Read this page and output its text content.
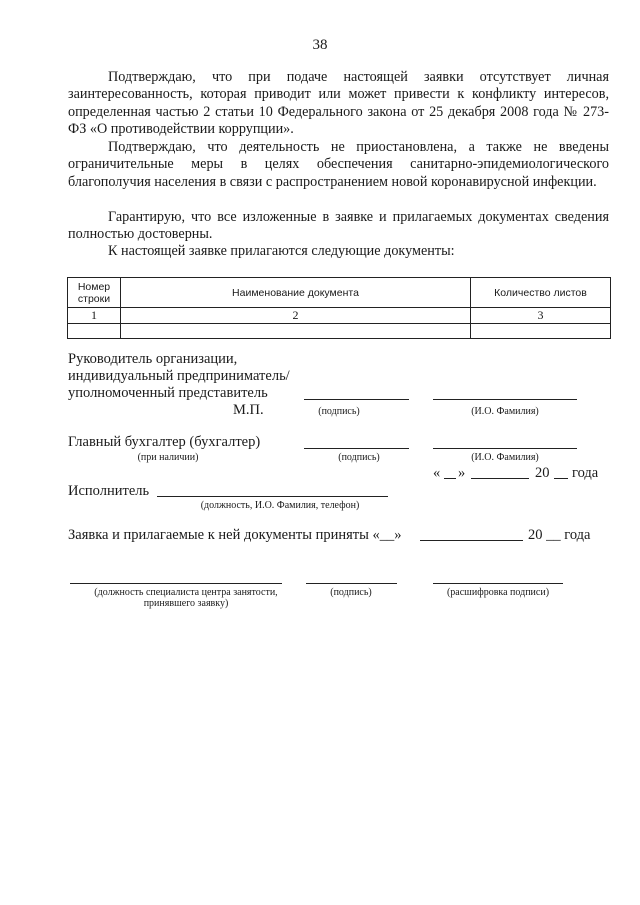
38
Подтверждаю, что при подаче настоящей заявки отсутствует личная заинтересованность, которая приводит или может привести к конфликту интересов, определенная частью 2 статьи 10 Федерального закона от 25 декабря 2008 года № 273-ФЗ «О противодействии коррупции».
Подтверждаю, что деятельность не приостановлена, а также не введены ограничительные меры в целях обеспечения санитарно-эпидемиологического благополучия населения в связи с распространением новой коронавирусной инфекции.
Гарантирую, что все изложенные в заявке и прилагаемых документах сведения полностью достоверны.
К настоящей заявке прилагаются следующие документы:
Номер строки	Наименование документа	Количество листов
1	2	3

Руководитель организации,
индивидуальный предприниматель/
уполномоченный представитель
М.П.	(подпись)	(И.О. Фамилия)
Главный бухгалтер (бухгалтер)
(при наличии)	(подпись)	(И.О. Фамилия)
« »	20 года
Исполнитель
(должность, И.О. Фамилия, телефон)
Заявка и прилагаемые к ней документы приняты «__»	20 __ года
(должность специалиста центра занятости,
принявшего заявку)
(подпись)	(расшифровка подписи)
